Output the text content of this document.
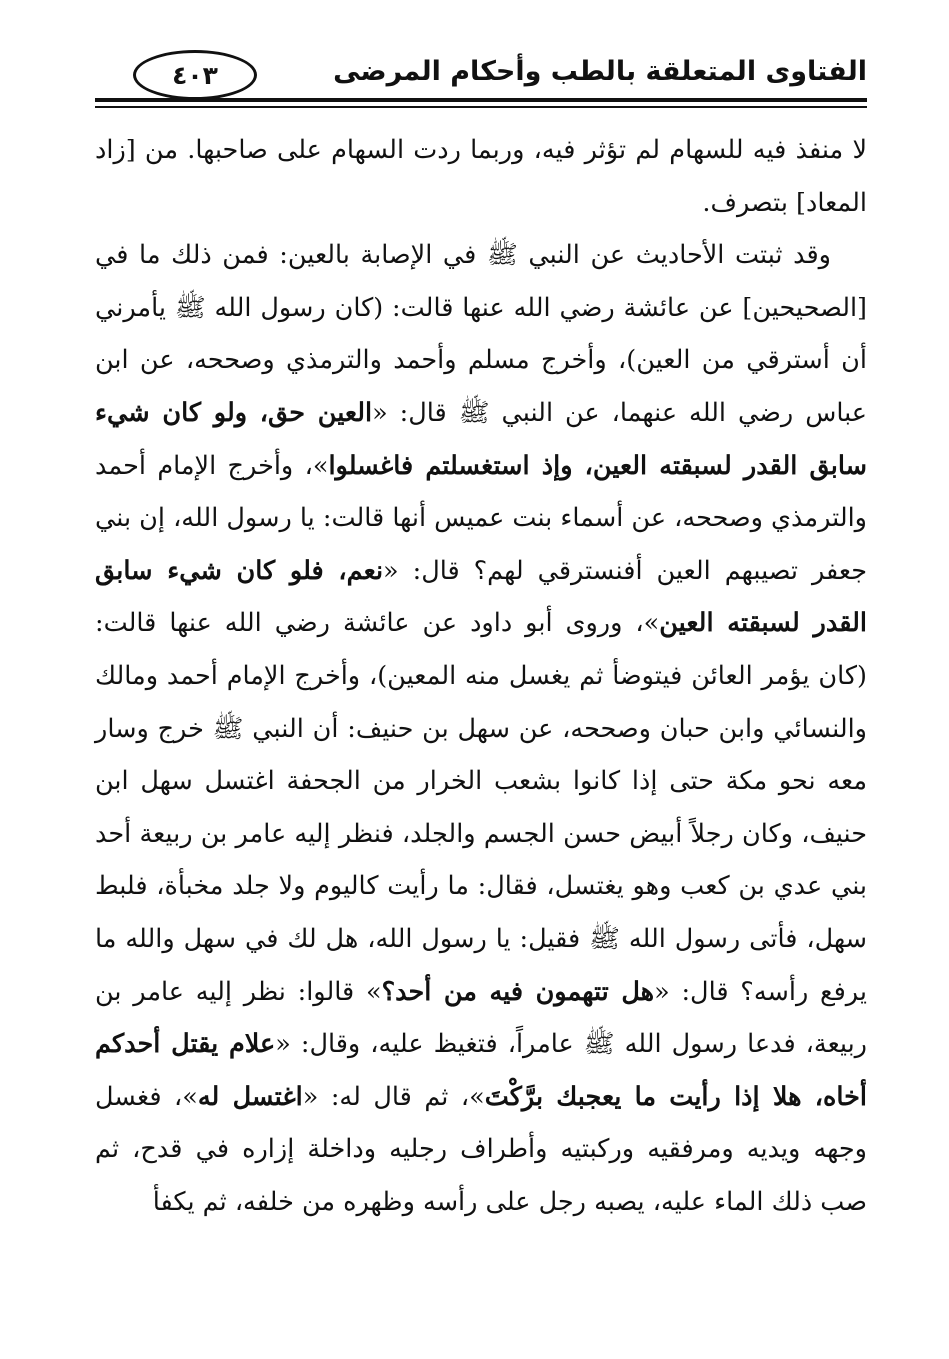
الفتاوى المتعلقة بالطب وأحكام المرضى
٤٠٣

لا منفذ فيه للسهام لم تؤثر فيه، وربما ردت السهام على صاحبها. من [زاد المعاد] بتصرف.

وقد ثبتت الأحاديث عن النبي ﷺ في الإصابة بالعين: فمن ذلك ما في [الصحيحين] عن عائشة رضي الله عنها قالت: (كان رسول الله ﷺ يأمرني أن أسترقي من العين)، وأخرج مسلم وأحمد والترمذي وصححه، عن ابن عباس رضي الله عنهما، عن النبي ﷺ قال: «العين حق، ولو كان شيء سابق القدر لسبقته العين، وإذ استغسلتم فاغسلوا»، وأخرج الإمام أحمد والترمذي وصححه، عن أسماء بنت عميس أنها قالت: يا رسول الله، إن بني جعفر تصيبهم العين أفنسترقي لهم؟ قال: «نعم، فلو كان شيء سابق القدر لسبقته العين»، وروى أبو داود عن عائشة رضي الله عنها قالت: (كان يؤمر العائن فيتوضأ ثم يغسل منه المعين)، وأخرج الإمام أحمد ومالك والنسائي وابن حبان وصححه، عن سهل بن حنيف: أن النبي ﷺ خرج وسار معه نحو مكة حتى إذا كانوا بشعب الخرار من الجحفة اغتسل سهل ابن حنيف، وكان رجلاً أبيض حسن الجسم والجلد، فنظر إليه عامر بن ربيعة أحد بني عدي بن كعب وهو يغتسل، فقال: ما رأيت كاليوم ولا جلد مخبأة، فلبط سهل، فأتى رسول الله ﷺ فقيل: يا رسول الله، هل لك في سهل والله ما يرفع رأسه؟ قال: «هل تتهمون فيه من أحد؟» قالوا: نظر إليه عامر بن ربيعة، فدعا رسول الله ﷺ عامراً، فتغيظ عليه، وقال: «علام يقتل أحدكم أخاه، هلا إذا رأيت ما يعجبك برَّكْتَ»، ثم قال له: «اغتسل له»، فغسل وجهه ويديه ومرفقيه وركبتيه وأطراف رجليه وداخلة إزاره في قدح، ثم صب ذلك الماء عليه، يصبه رجل على رأسه وظهره من خلفه، ثم يكفأ
